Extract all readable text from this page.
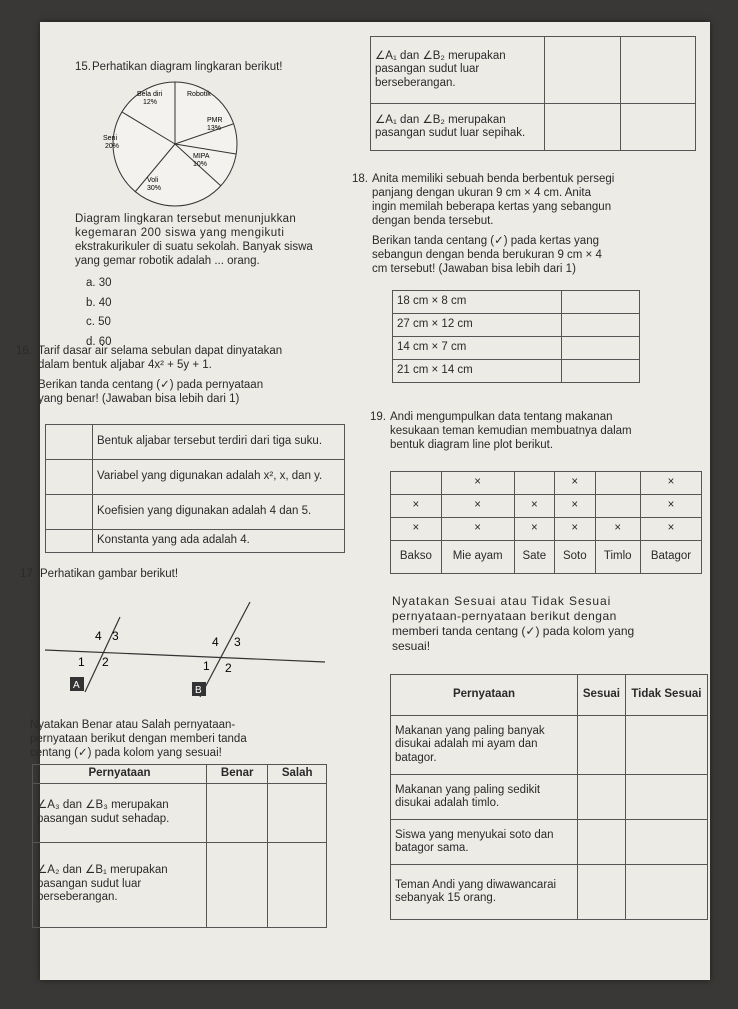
15. Perhatikan diagram lingkaran berikut!
Bela diri
12%
Robotik
PMR
13%
MIPA
10%
Voli
30%
Seni
20%
Diagram lingkaran tersebut menunjukkan
kegemaran 200 siswa yang mengikuti
ekstrakurikuler di suatu sekolah. Banyak siswa
yang gemar robotik adalah ... orang.
a. 30
b. 40
c. 50
d. 60
16. Tarif dasar air selama sebulan dapat dinyatakan
dalam bentuk aljabar 4x² + 5y + 1.
Berikan tanda centang (✓) pada pernyataan
yang benar! (Jawaban bisa lebih dari 1)
	Bentuk aljabar tersebut terdiri dari tiga suku.
	Variabel yang digunakan adalah x², x, dan y.
	Koefisien yang digunakan adalah 4 dan 5.
	Konstanta yang ada adalah 4.
17. Perhatikan gambar berikut!
4 3
1 2
4 3
1 2
A	B
Nyatakan Benar atau Salah pernyataan-
pernyataan berikut dengan memberi tanda
centang (✓) pada kolom yang sesuai!
Pernyataan	Benar	Salah
∠A₃ dan ∠B₃ merupakan pasangan sudut sehadap.		
∠A₂ dan ∠B₁ merupakan pasangan sudut luar berseberangan.		
∠A₁ dan ∠B₂ merupakan pasangan sudut luar berseberangan.		
∠A₁ dan ∠B₂ merupakan pasangan sudut luar sepihak.		
18. Anita memiliki sebuah benda berbentuk persegi
panjang dengan ukuran 9 cm × 4 cm. Anita
ingin memilah beberapa kertas yang sebangun
dengan benda tersebut.
Berikan tanda centang (✓) pada kertas yang
sebangun dengan benda berukuran 9 cm × 4
cm tersebut! (Jawaban bisa lebih dari 1)
18 cm × 8 cm	
27 cm × 12 cm	
14 cm × 7 cm	
21 cm × 14 cm	
19. Andi mengumpulkan data tentang makanan
kesukaan teman kemudian membuatnya dalam
bentuk diagram line plot berikut.
	×		×		×
×	×	×	×		×
×	×	×	×	×	×
Bakso	Mie ayam	Sate	Soto	Timlo	Batagor
Nyatakan Sesuai atau Tidak Sesuai
pernyataan-pernyataan berikut dengan
memberi tanda centang (✓) pada kolom yang
sesuai!
Pernyataan	Sesuai	Tidak Sesuai
Makanan yang paling banyak disukai adalah mi ayam dan batagor.		
Makanan yang paling sedikit disukai adalah timlo.		
Siswa yang menyukai soto dan batagor sama.		
Teman Andi yang diwawancarai sebanyak 15 orang.		
